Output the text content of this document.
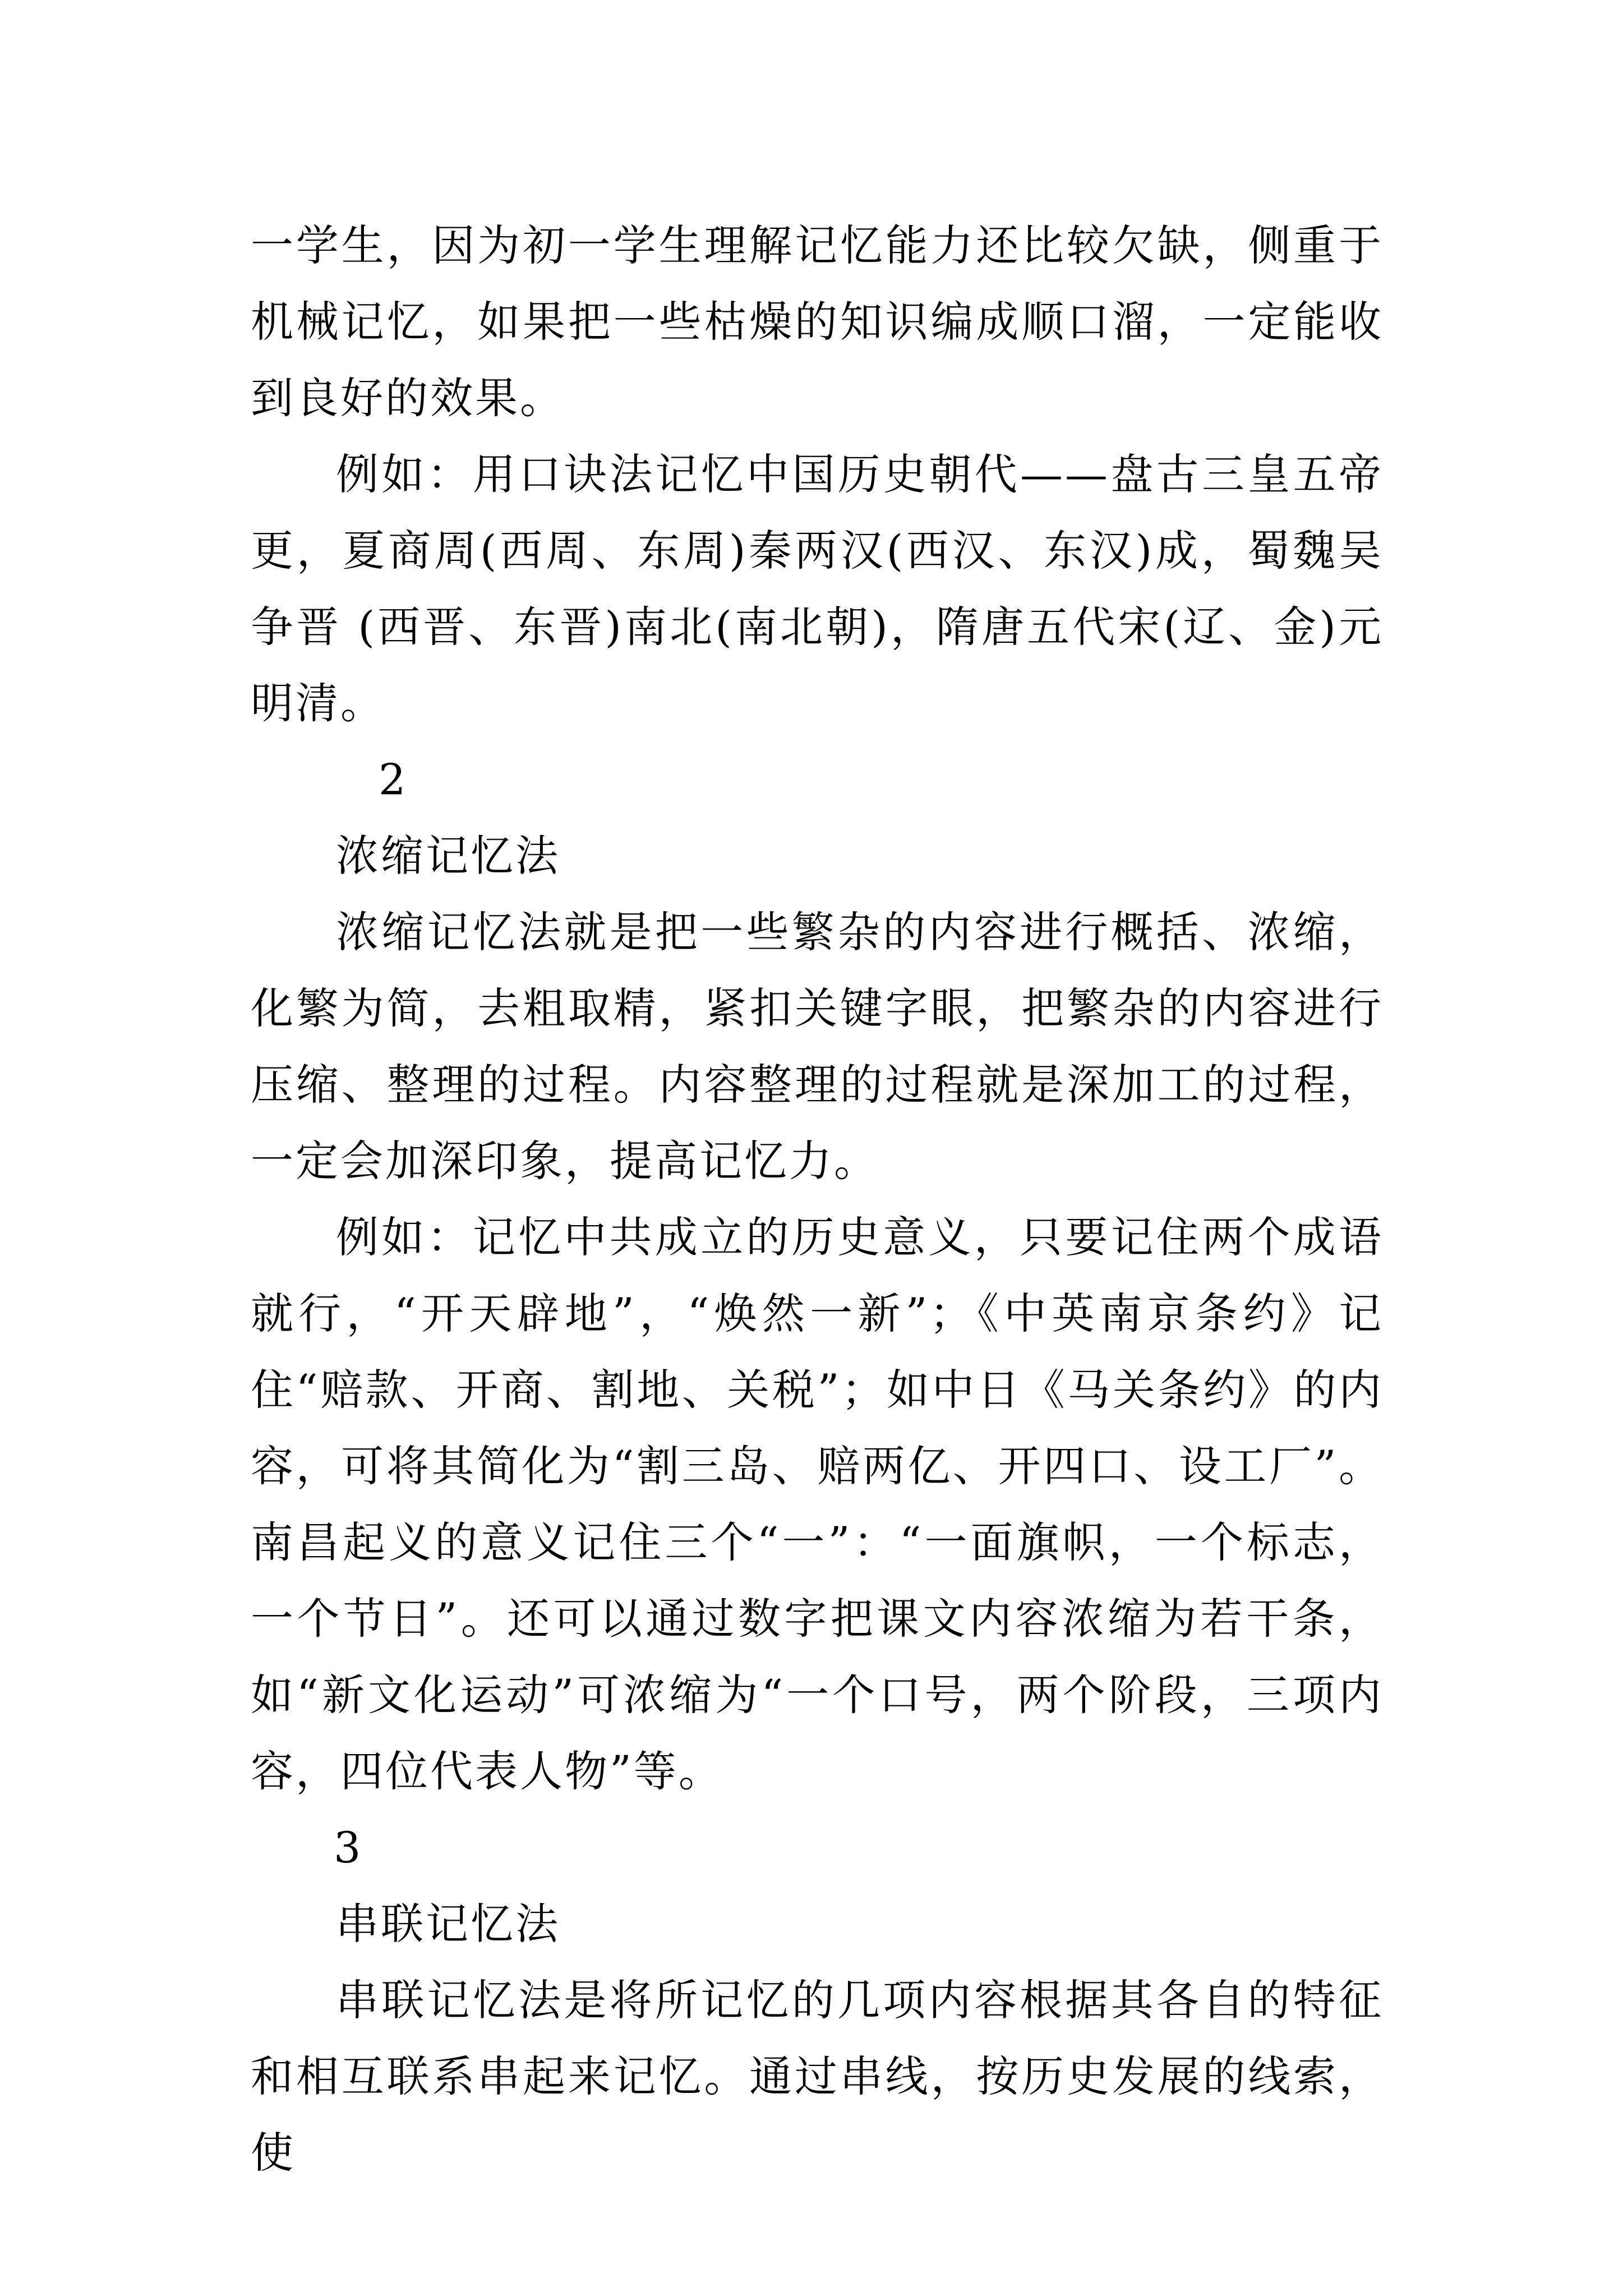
一学生，因为初一学生理解记忆能力还比较欠缺，侧重于机械记忆，如果把一些枯燥的知识编成顺口溜，一定能收到良好的效果。

例如：用口诀法记忆中国历史朝代——盘古三皇五帝更，夏商周(西周、东周)秦两汉(西汉、东汉)成，蜀魏吴争晋 (西晋、东晋)南北(南北朝)，隋唐五代宋(辽、金)元明清。

2

浓缩记忆法

浓缩记忆法就是把一些繁杂的内容进行概括、浓缩，化繁为简，去粗取精，紧扣关键字眼，把繁杂的内容进行压缩、整理的过程。内容整理的过程就是深加工的过程，一定会加深印象，提高记忆力。

例如：记忆中共成立的历史意义，只要记住两个成语就行，“开天辟地”，“焕然一新”；《中英南京条约》记住“赔款、开商、割地、关税”；如中日《马关条约》的内容，可将其简化为“割三岛、赔两亿、开四口、设工厂”。南昌起义的意义记住三个“一”：“一面旗帜，一个标志，一个节日”。还可以通过数字把课文内容浓缩为若干条，如“新文化运动”可浓缩为“一个口号，两个阶段，三项内容，四位代表人物”等。

3

串联记忆法

串联记忆法是将所记忆的几项内容根据其各自的特征和相互联系串起来记忆。通过串线，按历史发展的线索，使
